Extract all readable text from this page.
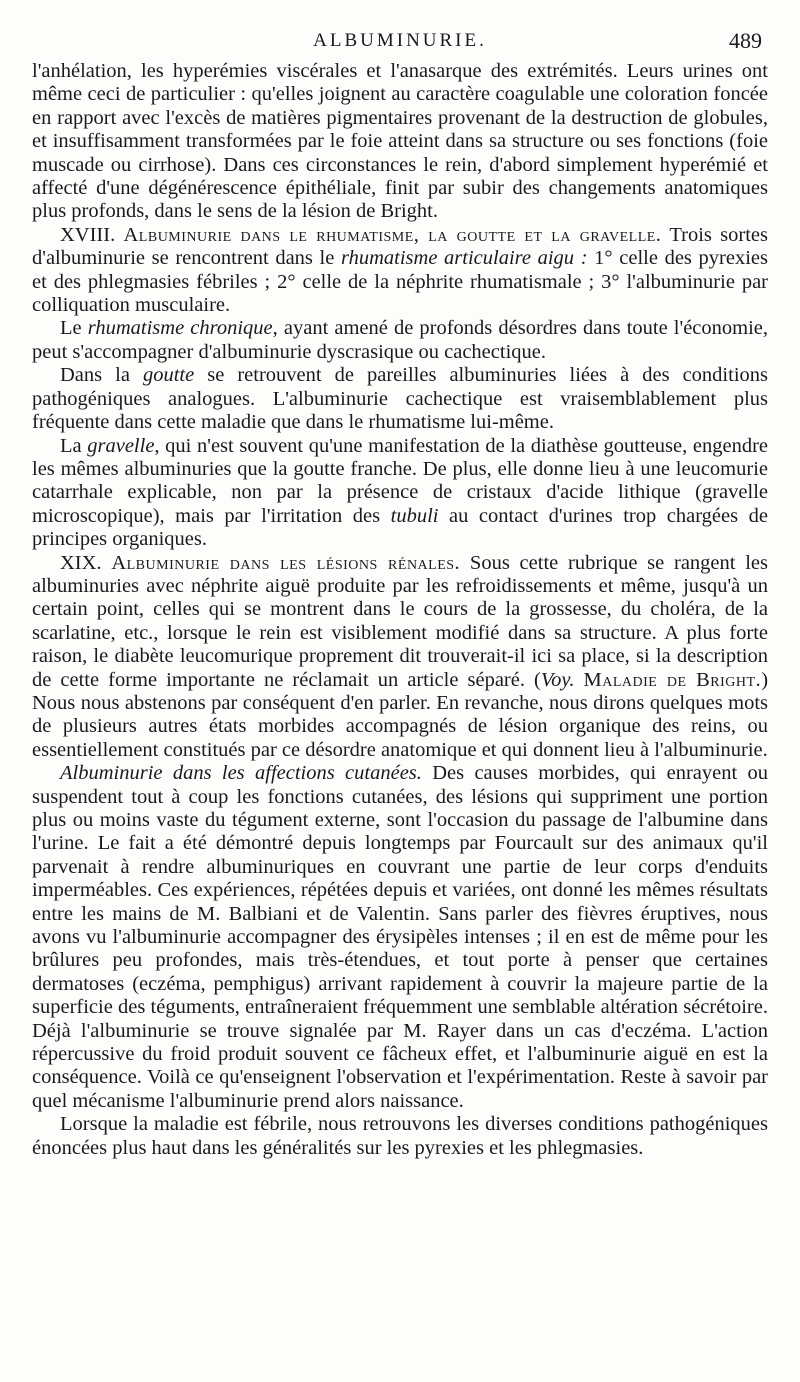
ALBUMINURIE.	489

l'anhélation, les hyperémies viscérales et l'anasarque des extrémités. Leurs urines ont même ceci de particulier : qu'elles joignent au caractère coagulable une coloration foncée en rapport avec l'excès de matières pigmentaires provenant de la destruction de globules, et insuffisamment transformées par le foie atteint dans sa structure ou ses fonctions (foie muscade ou cirrhose). Dans ces circonstances le rein, d'abord simplement hyperémié et affecté d'une dégénérescence épithéliale, finit par subir des changements anatomiques plus profonds, dans le sens de la lésion de Bright.

XVIII. Albuminurie dans le rhumatisme, la goutte et la gravelle. Trois sortes d'albuminurie se rencontrent dans le rhumatisme articulaire aigu : 1° celle des pyrexies et des phlegmasies fébriles ; 2° celle de la néphrite rhumatismale ; 3° l'albuminurie par colliquation musculaire.

Le rhumatisme chronique, ayant amené de profonds désordres dans toute l'économie, peut s'accompagner d'albuminurie dyscrasique ou cachectique.

Dans la goutte se retrouvent de pareilles albuminuries liées à des conditions pathogéniques analogues. L'albuminurie cachectique est vraisemblablement plus fréquente dans cette maladie que dans le rhumatisme lui-même.

La gravelle, qui n'est souvent qu'une manifestation de la diathèse goutteuse, engendre les mêmes albuminuries que la goutte franche. De plus, elle donne lieu à une leucomurie catarrhale explicable, non par la présence de cristaux d'acide lithique (gravelle microscopique), mais par l'irritation des tubuli au contact d'urines trop chargées de principes organiques.

XIX. Albuminurie dans les lésions rénales. Sous cette rubrique se rangent les albuminuries avec néphrite aiguë produite par les refroidissements et même, jusqu'à un certain point, celles qui se montrent dans le cours de la grossesse, du choléra, de la scarlatine, etc., lorsque le rein est visiblement modifié dans sa structure. A plus forte raison, le diabète leucomurique proprement dit trouverait-il ici sa place, si la description de cette forme importante ne réclamait un article séparé. (Voy. Maladie de Bright.) Nous nous abstenons par conséquent d'en parler. En revanche, nous dirons quelques mots de plusieurs autres états morbides accompagnés de lésion organique des reins, ou essentiellement constitués par ce désordre anatomique et qui donnent lieu à l'albuminurie.

Albuminurie dans les affections cutanées. Des causes morbides, qui enrayent ou suspendent tout à coup les fonctions cutanées, des lésions qui suppriment une portion plus ou moins vaste du tégument externe, sont l'occasion du passage de l'albumine dans l'urine. Le fait a été démontré depuis longtemps par Fourcault sur des animaux qu'il parvenait à rendre albuminuriques en couvrant une partie de leur corps d'enduits imperméables. Ces expériences, répétées depuis et variées, ont donné les mêmes résultats entre les mains de M. Balbiani et de Valentin. Sans parler des fièvres éruptives, nous avons vu l'albuminurie accompagner des érysipèles intenses ; il en est de même pour les brûlures peu profondes, mais très-étendues, et tout porte à penser que certaines dermatoses (eczéma, pemphigus) arrivant rapidement à couvrir la majeure partie de la superficie des téguments, entraîneraient fréquemment une semblable altération sécrétoire. Déjà l'albuminurie se trouve signalée par M. Rayer dans un cas d'eczéma. L'action répercussive du froid produit souvent ce fâcheux effet, et l'albuminurie aiguë en est la conséquence. Voilà ce qu'enseignent l'observation et l'expérimentation. Reste à savoir par quel mécanisme l'albuminurie prend alors naissance.

Lorsque la maladie est fébrile, nous retrouvons les diverses conditions pathogéniques énoncées plus haut dans les généralités sur les pyrexies et les phlegmasies.
